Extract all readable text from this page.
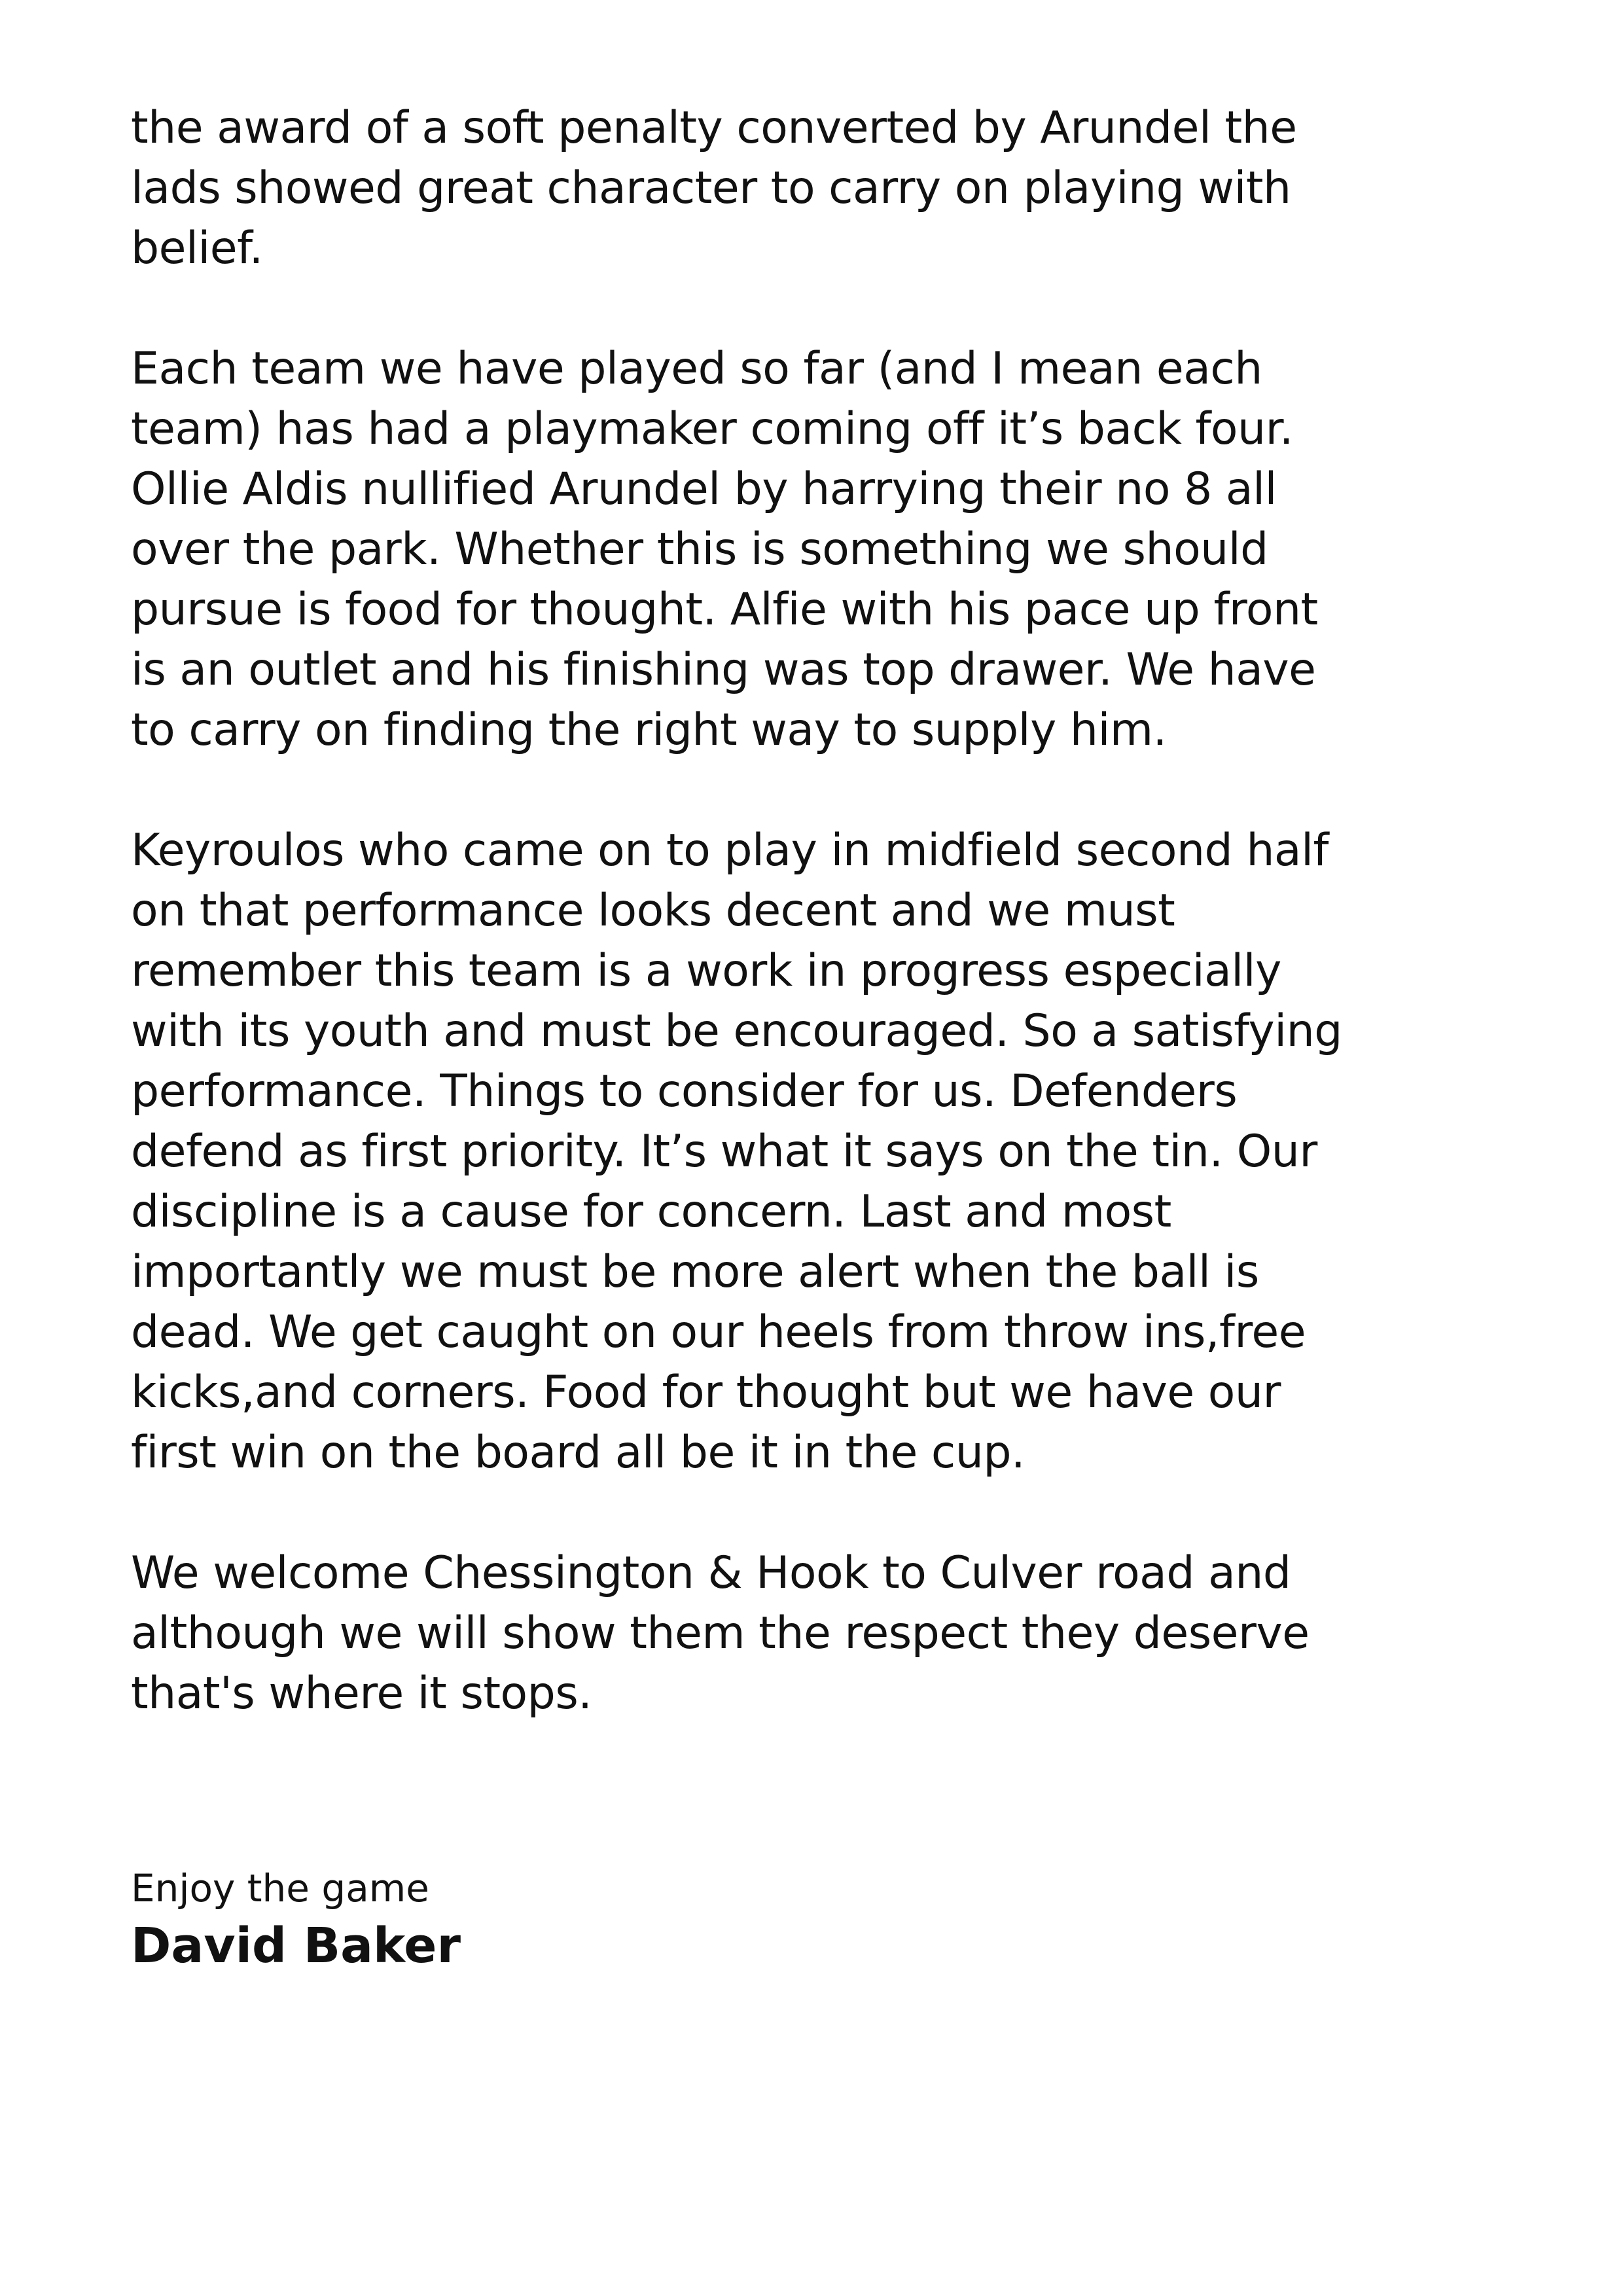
the award of a soft penalty converted by Arundel the
lads showed great character to carry on playing with
belief.
Each team we have played so far (and I mean each
team) has had a playmaker coming off it’s back four.
Ollie Aldis nullified Arundel by harrying their no 8 all
over the park. Whether this is something we should
pursue is food for thought. Alfie with his pace up front
is an outlet and his finishing was top drawer. We have
to carry on finding the right way to supply him.
Keyroulos who came on to play in midfield second half
on that performance looks decent and we must
remember this team is a work in progress especially
with its youth and must be encouraged. So a satisfying
performance. Things to consider for us. Defenders
defend as first priority. It’s what it says on the tin. Our
discipline is a cause for concern. Last and most
importantly we must be more alert when the ball is
dead. We get caught on our heels from throw ins,free
kicks,and corners. Food for thought but we have our
first win on the board all be it in the cup.
We welcome Chessington & Hook to Culver road and
although we will show them the respect they deserve
that's where it stops.
Enjoy the game
David Baker
